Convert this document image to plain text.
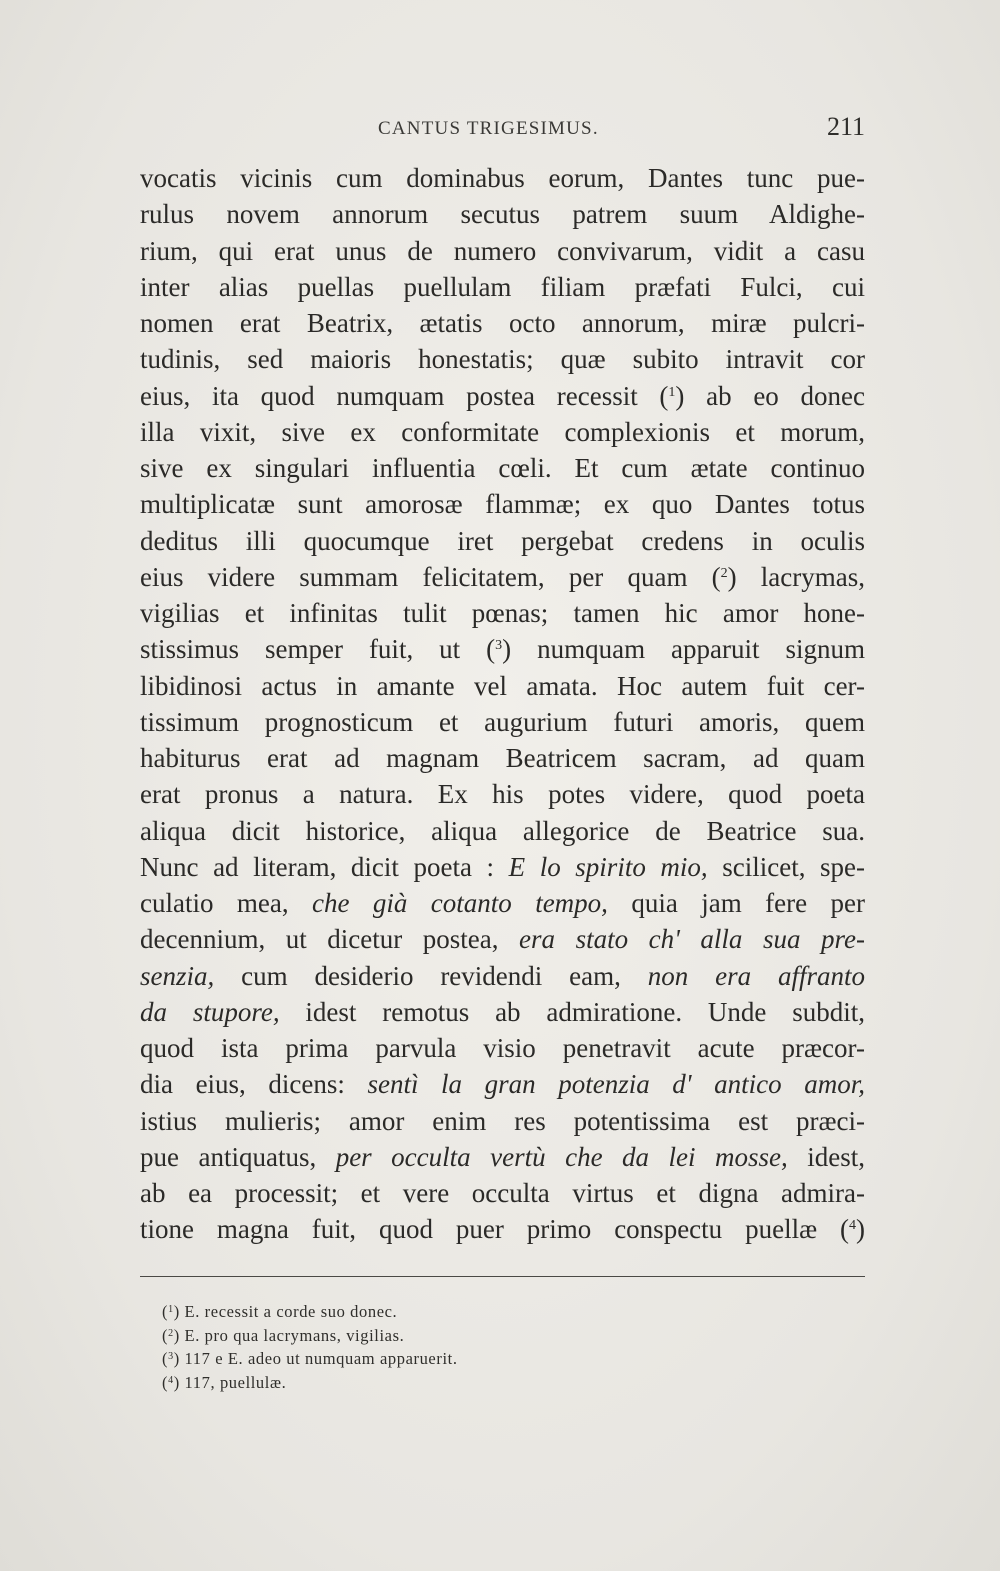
CANTUS TRIGESIMUS.	211
vocatis vicinis cum dominabus eorum, Dantes tunc pue-
rulus novem annorum secutus patrem suum Aldighe-
rium, qui erat unus de numero convivarum, vidit a casu
inter alias puellas puellulam filiam præfati Fulci, cui
nomen erat Beatrix, ætatis octo annorum, miræ pulcri-
tudinis, sed maioris honestatis; quæ subito intravit cor
eius, ita quod numquam postea recessit ($^1$) ab eo donec
illa vixit, sive ex conformitate complexionis et morum,
sive ex singulari influentia cœli. Et cum ætate continuo
multiplicatæ sunt amorosæ flammæ; ex quo Dantes totus
deditus illi quocumque iret pergebat credens in oculis
eius videre summam felicitatem, per quam ($^2$) lacrymas,
vigilias et infinitas tulit pœnas; tamen hic amor hone-
stissimus semper fuit, ut ($^3$) numquam apparuit signum
libidinosi actus in amante vel amata. Hoc autem fuit cer-
tissimum prognosticum et augurium futuri amoris, quem
habiturus erat ad magnam Beatricem sacram, ad quam
erat pronus a natura. Ex his potes videre, quod poeta
aliqua dicit historice, aliqua allegorice de Beatrice sua.
Nunc ad literam, dicit poeta : E lo spirito mio, scilicet, spe-
culatio mea, che già cotanto tempo, quia jam fere per
decennium, ut dicetur postea, era stato ch' alla sua pre-
senzia, cum desiderio revidendi eam, non era affranto
da stupore, idest remotus ab admiratione. Unde subdit,
quod ista prima parvula visio penetravit acute præcor-
dia eius, dicens: sentì la gran potenzia d' antico amor,
istius mulieris; amor enim res potentissima est præci-
pue antiquatus, per occulta vertù che da lei mosse, idest,
ab ea processit; et vere occulta virtus et digna admira-
tione magna fuit, quod puer primo conspectu puellæ ($^4$)
($^1$) E. recessit a corde suo donec.
($^2$) E. pro qua lacrymans, vigilias.
($^3$) 117 e E. adeo ut numquam apparuerit.
($^4$) 117, puellulæ.
